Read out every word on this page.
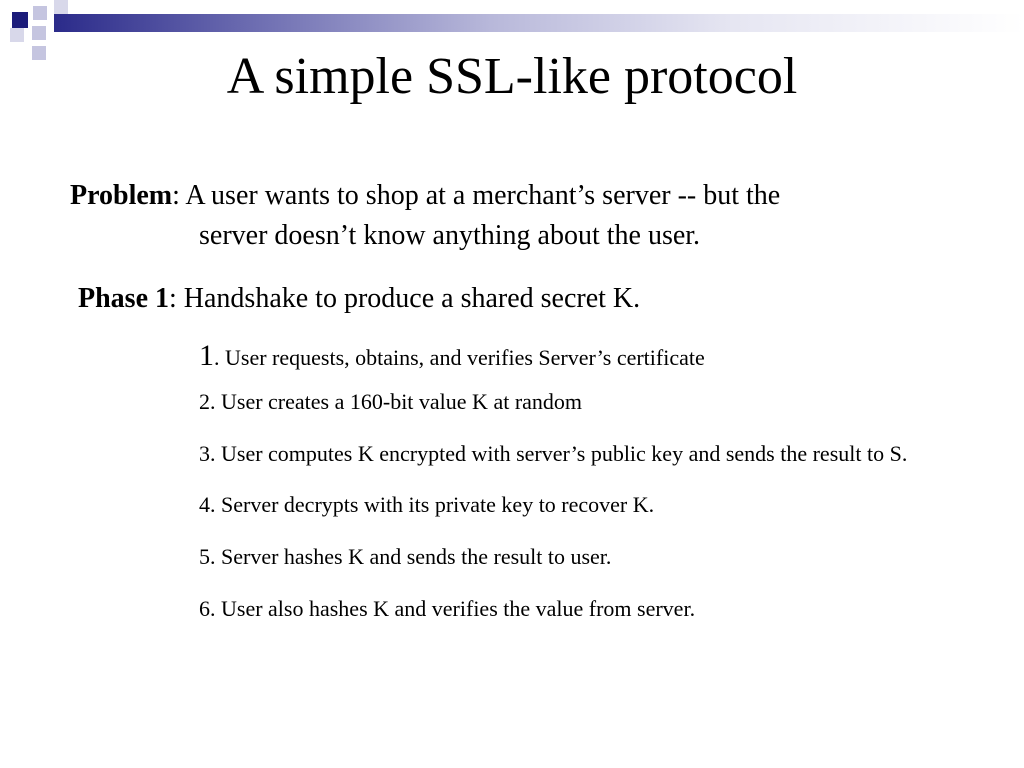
A simple SSL-like protocol
Problem: A user wants to shop at a merchant’s server -- but the
server doesn’t know anything about the user.
Phase 1: Handshake to produce a shared secret K.
1. User requests, obtains, and verifies Server’s certificate
2. User creates a 160-bit value K at random
3. User computes K encrypted with server’s public key and sends the result to S.
4. Server decrypts with its private key to recover K.
5. Server hashes K and sends the result to user.
6. User also hashes K and verifies the value from server.
